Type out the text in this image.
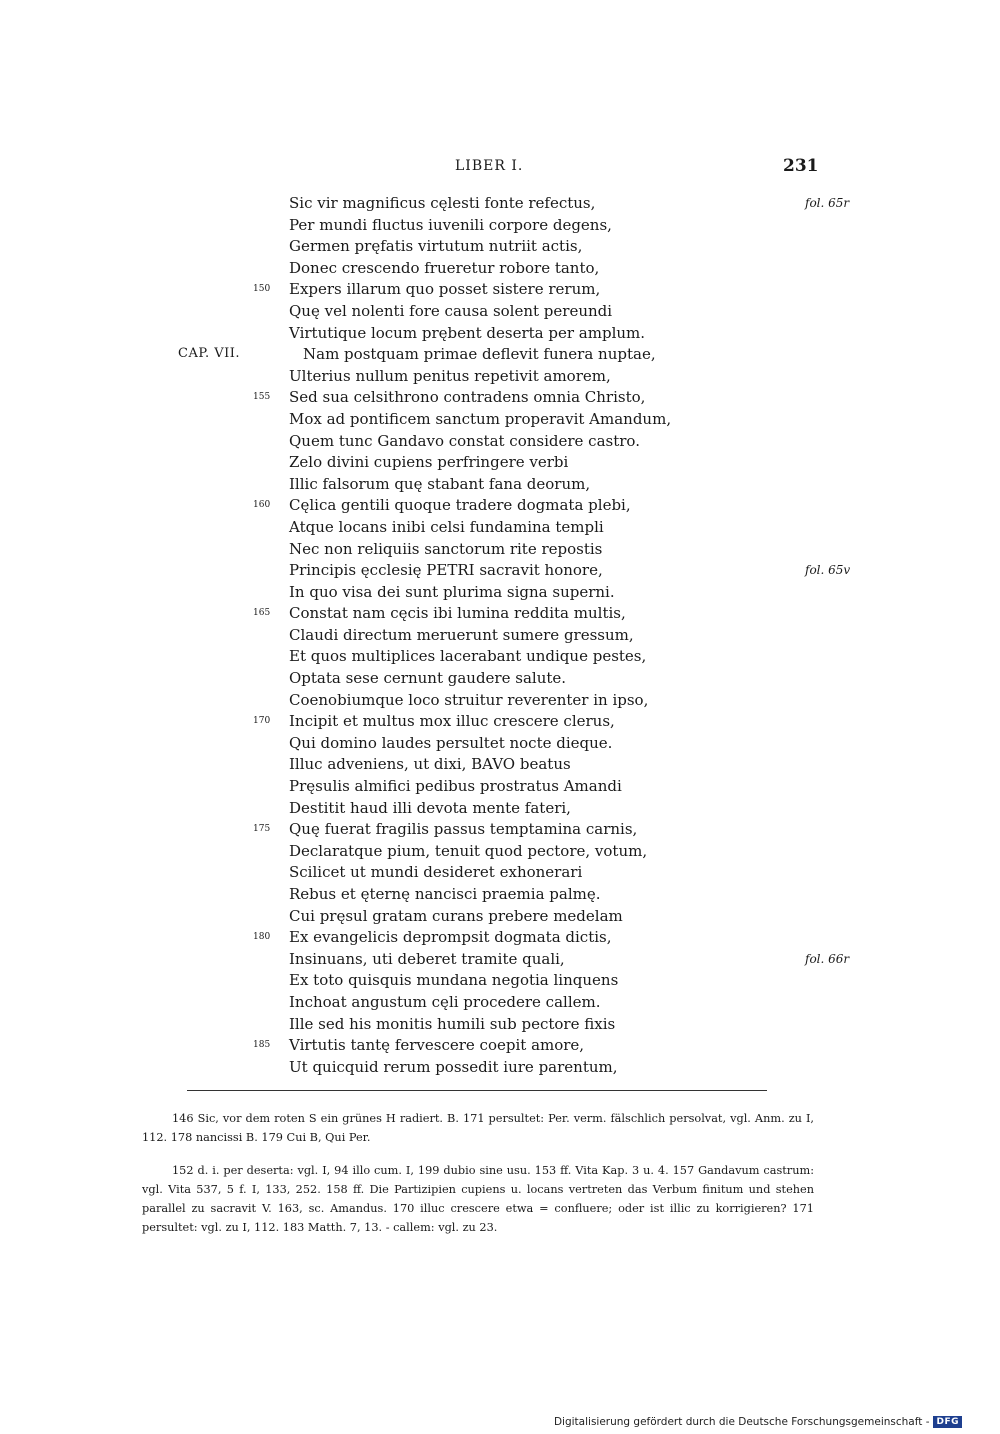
LIBER I.	231
CAP. VII.
Sic vir magnificus cęlesti fonte refectus,	fol. 65r
Per mundi fluctus iuvenili corpore degens,
Germen pręfatis virtutum nutriit actis,
Donec crescendo frueretur robore tanto,
150	Expers illarum quo posset sistere rerum,
Quę vel nolenti fore causa solent pereundi
Virtutique locum prębent deserta per amplum.
Nam postquam primae deflevit funera nuptae,
Ulterius nullum penitus repetivit amorem,
155	Sed sua celsithrono contradens omnia Christo,
Mox ad pontificem sanctum properavit Amandum,
Quem tunc Gandavo constat considere castro.
Zelo divini cupiens perfringere verbi
Illic falsorum quę stabant fana deorum,
160	Cęlica gentili quoque tradere dogmata plebi,
Atque locans inibi celsi fundamina templi
Nec non reliquiis sanctorum rite repostis
Principis ęcclesię PETRI sacravit honore,	fol. 65v
In quo visa dei sunt plurima signa superni.
165	Constat nam cęcis ibi lumina reddita multis,
Claudi directum meruerunt sumere gressum,
Et quos multiplices lacerabant undique pestes,
Optata sese cernunt gaudere salute.
Coenobiumque loco struitur reverenter in ipso,
170	Incipit et multus mox illuc crescere clerus,
Qui domino laudes persultet nocte dieque.
Illuc adveniens, ut dixi, BAVO beatus
Pręsulis almifici pedibus prostratus Amandi
Destitit haud illi devota mente fateri,
175	Quę fuerat fragilis passus temptamina carnis,
Declaratque pium, tenuit quod pectore, votum,
Scilicet ut mundi desideret exhonerari
Rebus et ęternę nancisci praemia palmę.
Cui pręsul gratam curans prebere medelam
180	Ex evangelicis deprompsit dogmata dictis,
Insinuans, uti deberet tramite quali,	fol. 66r
Ex toto quisquis mundana negotia linquens
Inchoat angustum cęli procedere callem.
Ille sed his monitis humili sub pectore fixis
185	Virtutis tantę fervescere coepit amore,
Ut quicquid rerum possedit iure parentum,

146 Sic, vor dem roten S ein grünes H radiert. B. 171 persultet: Per. verm. fälschlich persolvat, vgl. Anm. zu I, 112. 178 nancissi B. 179 Cui B, Qui Per.

152 d. i. per deserta: vgl. I, 94 illo cum. I, 199 dubio sine usu. 153 ff. Vita Kap. 3 u. 4. 157 Gandavum castrum: vgl. Vita 537, 5 f. I, 133, 252. 158 ff. Die Partizipien cupiens u. locans vertreten das Verbum finitum und stehen parallel zu sacravit V. 163, sc. Amandus. 170 illuc crescere etwa = confluere; oder ist illic zu korrigieren? 171 persultet: vgl. zu I, 112. 183 Matth. 7, 13. - callem: vgl. zu 23.

Digitalisierung gefördert durch die Deutsche Forschungsgemeinschaft - DFG
